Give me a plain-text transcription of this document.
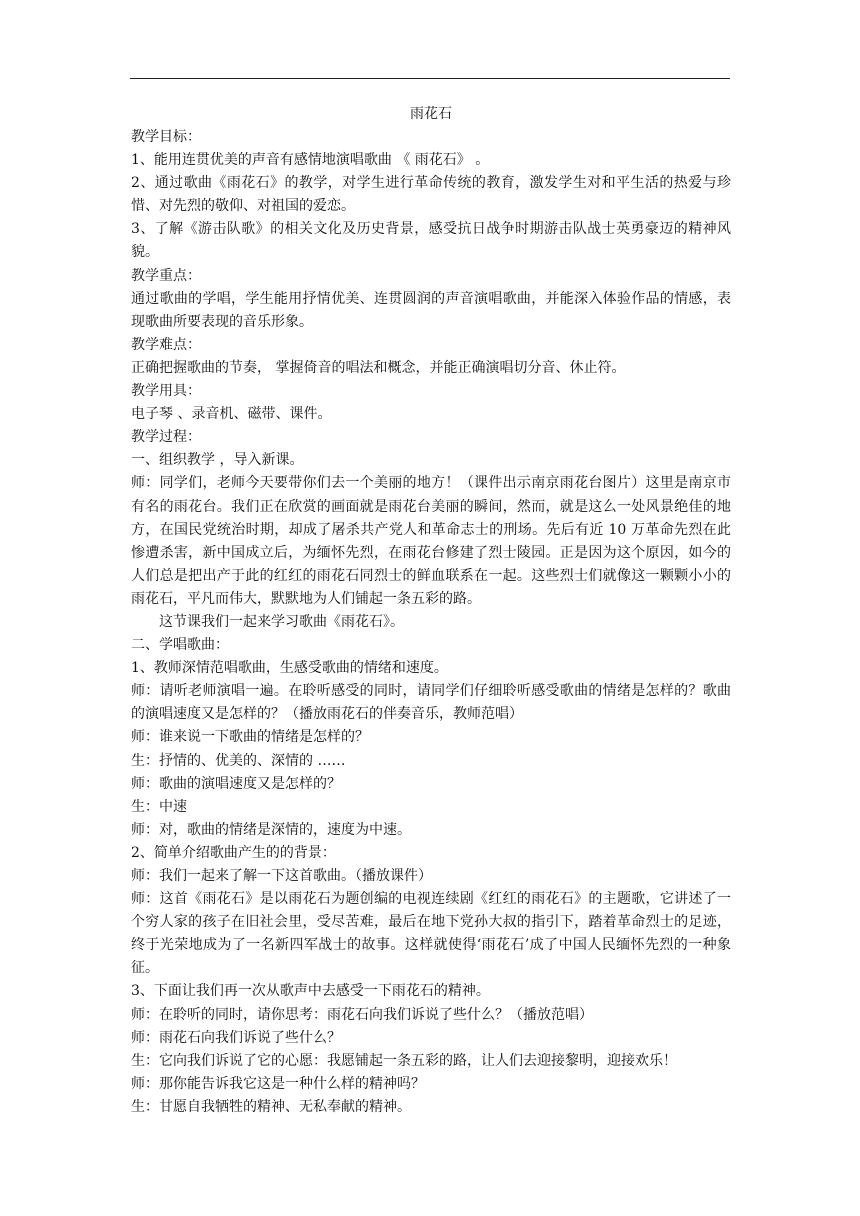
雨花石

教学目标：

1、能用连贯优美的声音有感情地演唱歌曲 《 雨花石》 。

2、通过歌曲《雨花石》的教学，对学生进行革命传统的教育，激发学生对和平生活的热爱与珍惜、对先烈的敬仰、对祖国的爱恋。

3、了解《游击队歌》的相关文化及历史背景，感受抗日战争时期游击队战士英勇豪迈的精神风貌。

教学重点：

通过歌曲的学唱，学生能用抒情优美、连贯圆润的声音演唱歌曲，并能深入体验作品的情感，表现歌曲所要表现的音乐形象。

教学难点：

正确把握歌曲的节奏， 掌握倚音的唱法和概念，并能正确演唱切分音、休止符。

教学用具：

电子琴 、录音机、磁带、课件。

教学过程：

一、组织教学 ，导入新课。

师：同学们，老师今天要带你们去一个美丽的地方！（课件出示南京雨花台图片）这里是南京市有名的雨花台。我们正在欣赏的画面就是雨花台美丽的瞬间，然而，就是这么一处风景绝佳的地方，在国民党统治时期，却成了屠杀共产党人和革命志士的刑场。先后有近 10 万革命先烈在此惨遭杀害，新中国成立后，为缅怀先烈，在雨花台修建了烈士陵园。正是因为这个原因，如今的人们总是把出产于此的红红的雨花石同烈士的鲜血联系在一起。这些烈士们就像这一颗颗小小的雨花石，平凡而伟大，默默地为人们铺起一条五彩的路。

这节课我们一起来学习歌曲《雨花石》。

二、学唱歌曲：

1、教师深情范唱歌曲，生感受歌曲的情绪和速度。

师：请听老师演唱一遍。在聆听感受的同时，请同学们仔细聆听感受歌曲的情绪是怎样的？歌曲的演唱速度又是怎样的？（播放雨花石的伴奏音乐，教师范唱）

师：谁来说一下歌曲的情绪是怎样的？

生：抒情的、优美的、深情的 ……

师：歌曲的演唱速度又是怎样的？

生：中速

师：对，歌曲的情绪是深情的，速度为中速。

2、简单介绍歌曲产生的的背景：

师：我们一起来了解一下这首歌曲。（播放课件）

师：这首《雨花石》是以雨花石为题创编的电视连续剧《红红的雨花石》的主题歌，它讲述了一个穷人家的孩子在旧社会里，受尽苦难，最后在地下党孙大叔的指引下，踏着革命烈士的足迹，终于光荣地成为了一名新四军战士的故事。这样就使得‘雨花石’成了中国人民缅怀先烈的一种象征。

3、下面让我们再一次从歌声中去感受一下雨花石的精神。

师：在聆听的同时，请你思考：雨花石向我们诉说了些什么？（播放范唱）

师：雨花石向我们诉说了些什么？

生：它向我们诉说了它的心愿：我愿铺起一条五彩的路，让人们去迎接黎明，迎接欢乐！

师：那你能告诉我它这是一种什么样的精神吗？

生：甘愿自我牺牲的精神、无私奉献的精神。
